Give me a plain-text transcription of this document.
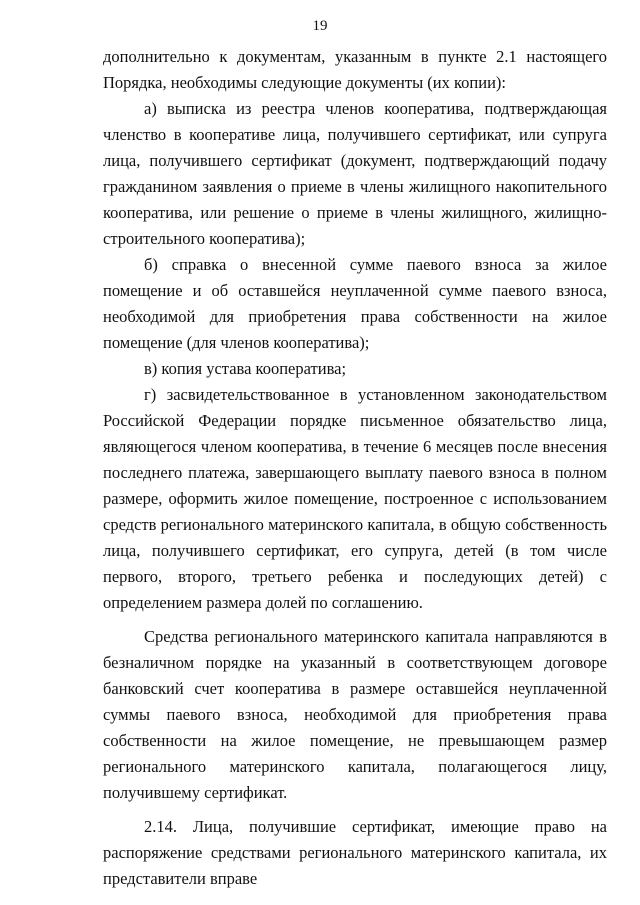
19

дополнительно к документам, указанным в пункте 2.1 настоящего Порядка, необходимы следующие документы (их копии):

а) выписка из реестра членов кооператива, подтверждающая членство в кооперативе лица, получившего сертификат, или супруга лица, получившего сертификат (документ, подтверждающий подачу гражданином заявления о приеме в члены жилищного накопительного кооператива, или решение о приеме в члены жилищного, жилищно-строительного кооператива);

б) справка о внесенной сумме паевого взноса за жилое помещение и об оставшейся неуплаченной сумме паевого взноса, необходимой для приобретения права собственности на жилое помещение (для членов кооператива);

в) копия устава кооператива;

г) засвидетельствованное в установленном законодательством Российской Федерации порядке письменное обязательство лица, являющегося членом кооператива, в течение 6 месяцев после внесения последнего платежа, завершающего выплату паевого взноса в полном размере, оформить жилое помещение, построенное с использованием средств регионального материнского капитала, в общую собственность лица, получившего сертификат, его супруга, детей (в том числе первого, второго, третьего ребенка и последующих детей) с определением размера долей по соглашению.

Средства регионального материнского капитала направляются в безналичном порядке на указанный в соответствующем договоре банковский счет кооператива в размере оставшейся неуплаченной суммы паевого взноса, необходимой для приобретения права собственности на жилое помещение, не превышающем размер регионального материнского капитала, полагающегося лицу, получившему сертификат.

2.14. Лица, получившие сертификат, имеющие право на распоряжение средствами регионального материнского капитала, их представители вправе
